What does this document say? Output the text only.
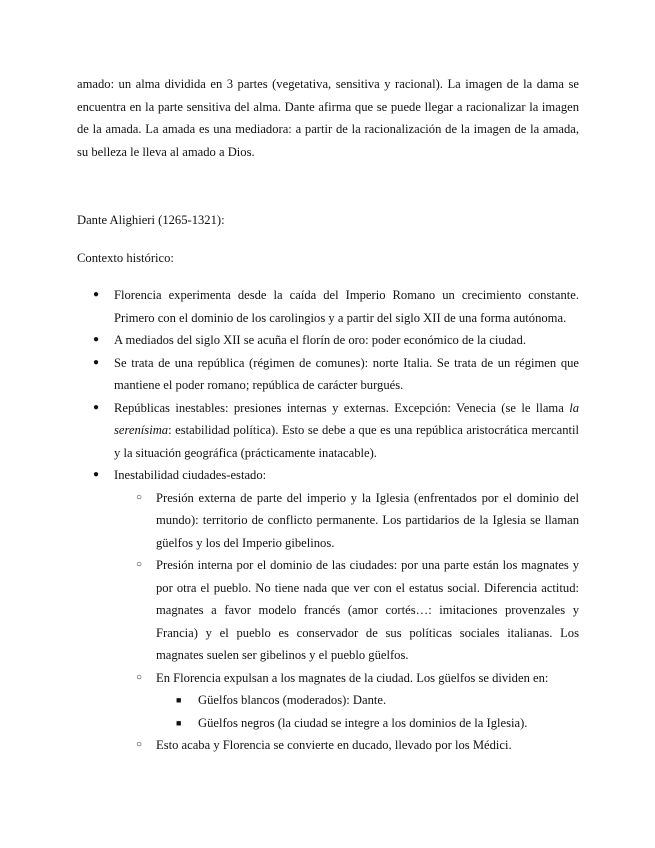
amado: un alma dividida en 3 partes (vegetativa, sensitiva y racional). La imagen de la dama se encuentra en la parte sensitiva del alma. Dante afirma que se puede llegar a racionalizar la imagen de la amada. La amada es una mediadora: a partir de la racionalización de la imagen de la amada, su belleza le lleva al amado a Dios.

Dante Alighieri (1265-1321):

Contexto histórico:

● Florencia experimenta desde la caída del Imperio Romano un crecimiento constante. Primero con el dominio de los carolingios y a partir del siglo XII de una forma autónoma.
● A mediados del siglo XII se acuña el florín de oro: poder económico de la ciudad.
● Se trata de una república (régimen de comunes): norte Italia. Se trata de un régimen que mantiene el poder romano; república de carácter burgués.
● Repúblicas inestables: presiones internas y externas. Excepción: Venecia (se le llama la serenísima: estabilidad política). Esto se debe a que es una república aristocrática mercantil y la situación geográfica (prácticamente inatacable).
● Inestabilidad ciudades-estado:
○ Presión externa de parte del imperio y la Iglesia (enfrentados por el dominio del mundo): territorio de conflicto permanente. Los partidarios de la Iglesia se llaman güelfos y los del Imperio gibelinos.
○ Presión interna por el dominio de las ciudades: por una parte están los magnates y por otra el pueblo. No tiene nada que ver con el estatus social. Diferencia actitud: magnates a favor modelo francés (amor cortés…: imitaciones provenzales y Francia) y el pueblo es conservador de sus políticas sociales italianas. Los magnates suelen ser gibelinos y el pueblo güelfos.
○ En Florencia expulsan a los magnates de la ciudad. Los güelfos se dividen en:
■ Güelfos blancos (moderados): Dante.
■ Güelfos negros (la ciudad se integre a los dominios de la Iglesia).
○ Esto acaba y Florencia se convierte en ducado, llevado por los Médici.
